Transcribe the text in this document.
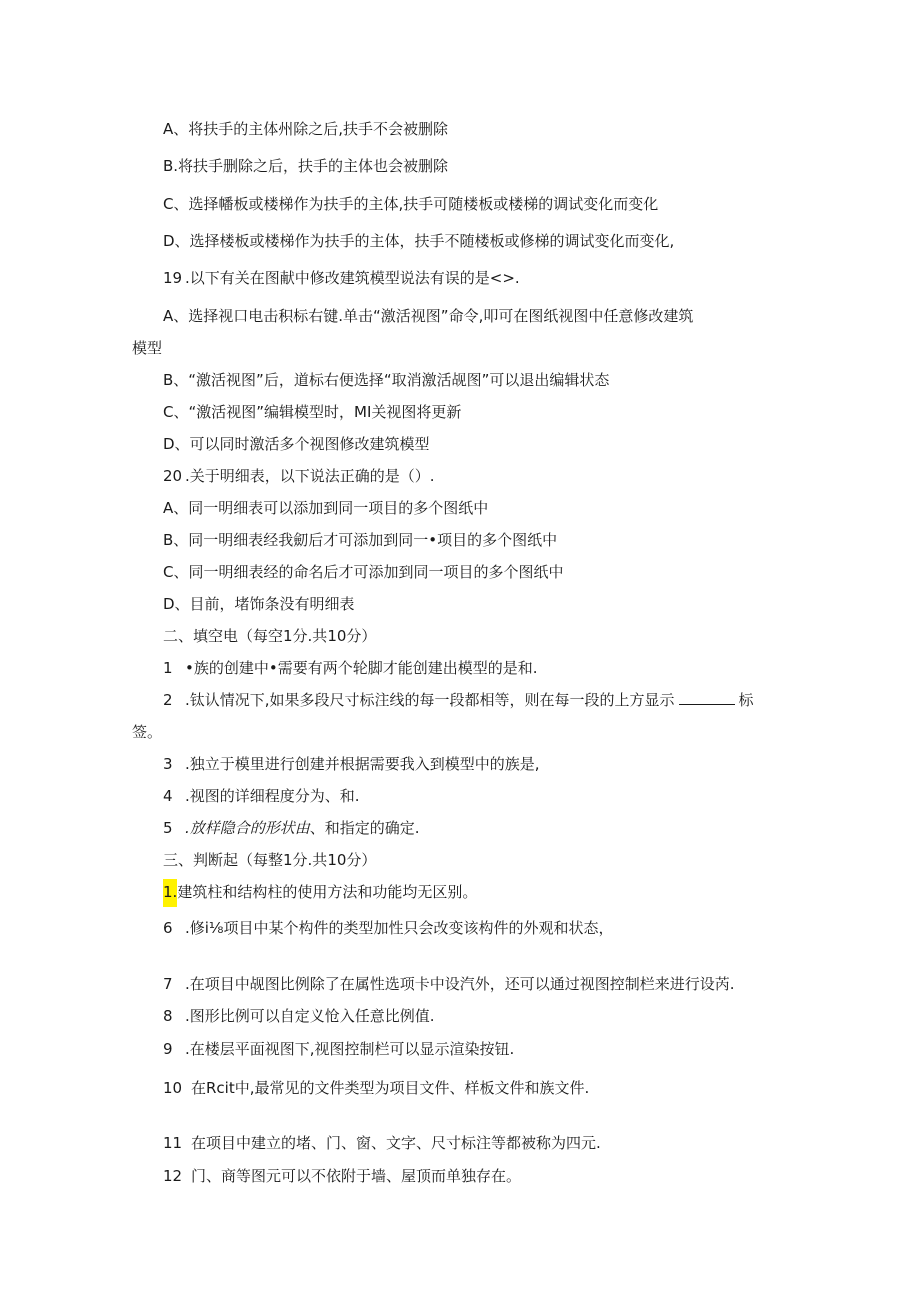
A、将扶手的主体州除之后,扶手不会被删除
B.将扶手删除之后，扶手的主体也会被删除
C、选择幡板或楼梯作为扶手的主体,扶手可随楼板或楼梯的调试变化而变化
D、选择楼板或楼梯作为扶手的主体，扶手不随楼板或修梯的调试变化而变化,
19 .以下有关在图献中修改建筑模型说法有误的是<>.
A、选择视口电击积标右键.单击“激活视图”命令,叩可在图纸视图中任意修改建筑
模型
B、“激活视图”后，道标右便选择“取消激活觇图”可以退出编辑状态
C、“激活视图”编辑模型时，MI关视图将更新
D、可以同时激活多个视图修改建筑模型
20 .关于明细表，以下说法正确的是（）.
A、同一明细表可以添加到同一项目的多个图纸中
B、同一明细表经我劎后才可添加到同一•项目的多个图纸中
C、同一明细表经的命名后才可添加到同一项目的多个图纸中
D、目前，堵饰条没有明细表
二、填空电（每空1分.共10分）
1 •族的创建中•需要有两个轮脚才能创建出模型的是和.
2 .钛认情况下,如果多段尺寸标注线的每一段都相等，则在每一段的上方显示	标
签。
3 .独立于模里进行创建并根据需要我入到模型中的族是,
4 .视图的详细程度分为、和.
5 .放样隐合的形状由、和指定的确定.
三、判断起（每整1分.共10分）
1.建筑柱和结构柱的使用方法和功能均无区别。
6 .修i⅛项目中某个构件的类型加性只会改变该构件的外观和状态，
7 .在项目中觇图比例除了在属性选项卡中设汽外，还可以通过视图控制栏来进行设芮.
8 .图形比例可以自定义怆入任意比例值.
9 .在楼层平面视图下,视图控制栏可以显示渲染按钮.
10 在Rcit中,最常见的文件类型为项目文件、样板文件和族文件.
11 在项目中建立的堵、门、窗、文字、尺寸标注等都被称为四元.
12 门、商等图元可以不依附于墙、屋顶而单独存在。
